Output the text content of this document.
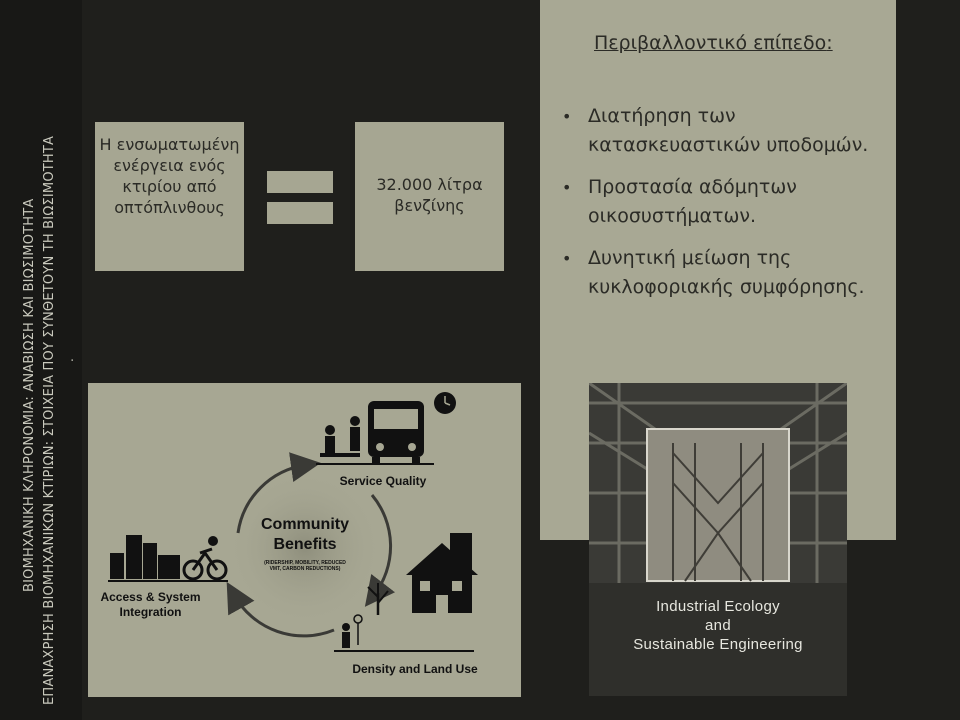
ΒΙΟΜΗΧΑΝΙΚΗ ΚΛΗΡΟΝΟΜΙΑ: ΑΝΑΒΙΩΣΗ ΚΑΙ ΒΙΩΣΙΜΟΤΗΤΑ ΕΠΑΝΑΧΡΗΣΗ ΒΙΟΜΗΧΑΝΙΚΩΝ ΚΤΙΡΙΩΝ: ΣΤΟΙΧΕΙΑ ΠΟΥ ΣΥΝΘΕΤΟΥΝ ΤΗ ΒΙΩΣΙΜΟΤΗΤΑ .
Η ενσωματωμένη ενέργεια ενός κτιρίου από οπτόπλινθους
32.000 λίτρα βενζίνης
Περιβαλλοντικό επίπεδο:
• Διατήρηση των κατασκευαστικών υποδομών.
• Προστασία αδόμητων οικοσυστήματων.
• Δυνητική μείωση της κυκλοφοριακής συμφόρησης.
Service Quality
Access & System Integration
Density and Land Use
Community Benefits
(RIDERSHIP, MOBILITY, REDUCED VMT, CARBON REDUCTIONS)
Industrial Ecology
and
Sustainable Engineering
